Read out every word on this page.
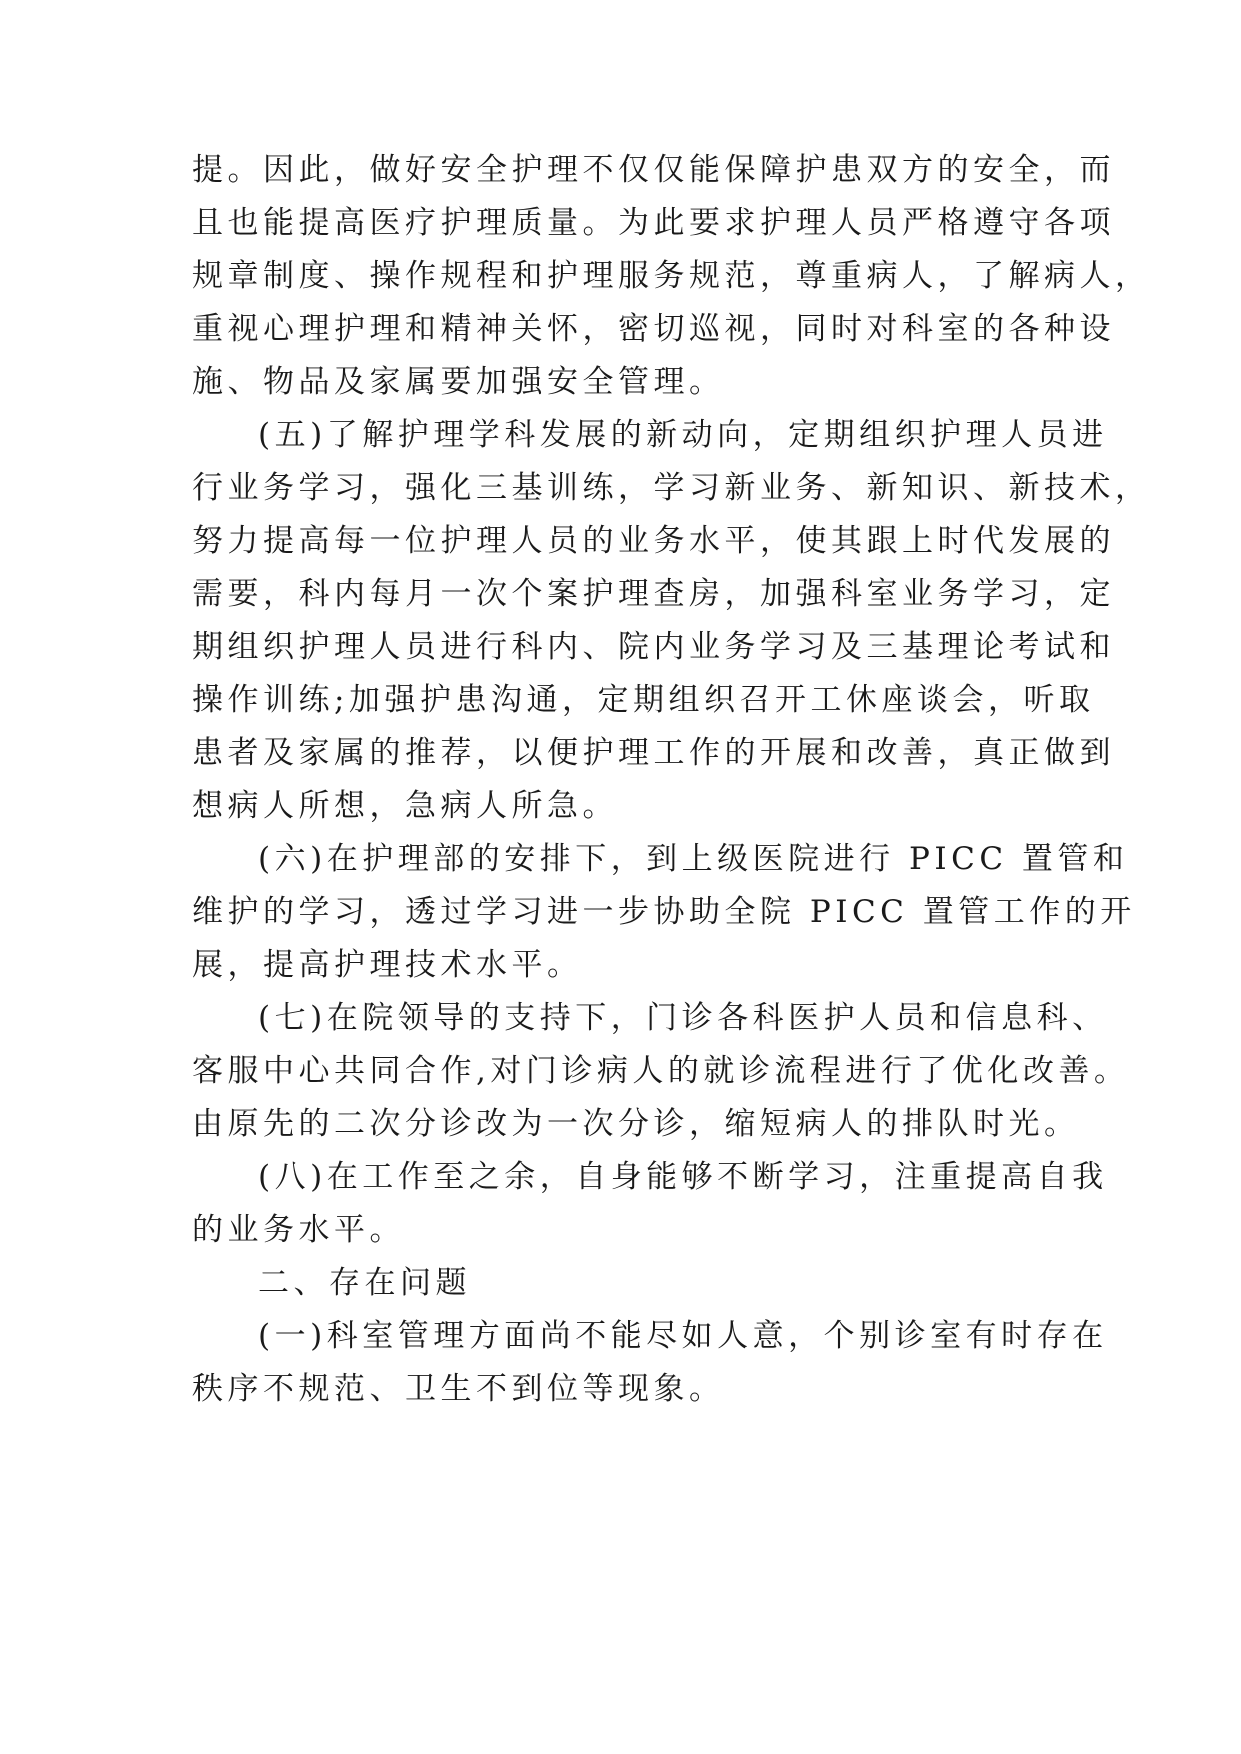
提。因此，做好安全护理不仅仅能保障护患双方的安全，而
且也能提高医疗护理质量。为此要求护理人员严格遵守各项
规章制度、操作规程和护理服务规范，尊重病人，了解病人，
重视心理护理和精神关怀，密切巡视，同时对科室的各种设
施、物品及家属要加强安全管理。
(五)了解护理学科发展的新动向，定期组织护理人员进
行业务学习，强化三基训练，学习新业务、新知识、新技术，
努力提高每一位护理人员的业务水平，使其跟上时代发展的
需要，科内每月一次个案护理查房，加强科室业务学习，定
期组织护理人员进行科内、院内业务学习及三基理论考试和
操作训练;加强护患沟通，定期组织召开工休座谈会，听取
患者及家属的推荐，以便护理工作的开展和改善，真正做到
想病人所想，急病人所急。
(六)在护理部的安排下，到上级医院进行 PICC 置管和
维护的学习，透过学习进一步协助全院 PICC 置管工作的开
展，提高护理技术水平。
(七)在院领导的支持下，门诊各科医护人员和信息科、
客服中心共同合作,对门诊病人的就诊流程进行了优化改善。
由原先的二次分诊改为一次分诊，缩短病人的排队时光。
(八)在工作至之余，自身能够不断学习，注重提高自我
的业务水平。
二、存在问题
(一)科室管理方面尚不能尽如人意，个别诊室有时存在
秩序不规范、卫生不到位等现象。
